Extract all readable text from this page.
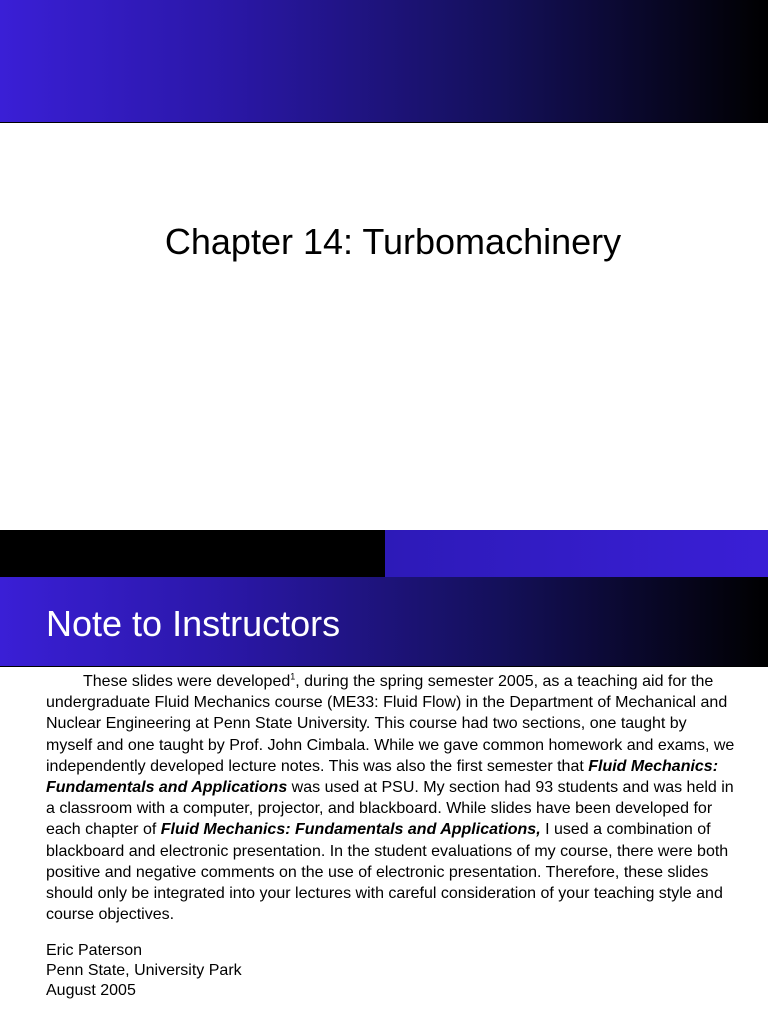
Chapter 14: Turbomachinery
Note to Instructors

These slides were developed$^1$, during the spring semester 2005, as a teaching aid for the undergraduate Fluid Mechanics course (ME33: Fluid Flow) in the Department of Mechanical and Nuclear Engineering at Penn State University. This course had two sections, one taught by myself and one taught by Prof. John Cimbala. While we gave common homework and exams, we independently developed lecture notes. This was also the first semester that Fluid Mechanics: Fundamentals and Applications was used at PSU. My section had 93 students and was held in a classroom with a computer, projector, and blackboard. While slides have been developed for each chapter of Fluid Mechanics: Fundamentals and Applications, I used a combination of blackboard and electronic presentation. In the student evaluations of my course, there were both positive and negative comments on the use of electronic presentation. Therefore, these slides should only be integrated into your lectures with careful consideration of your teaching style and course objectives.

Eric Paterson
Penn State, University Park
August 2005
